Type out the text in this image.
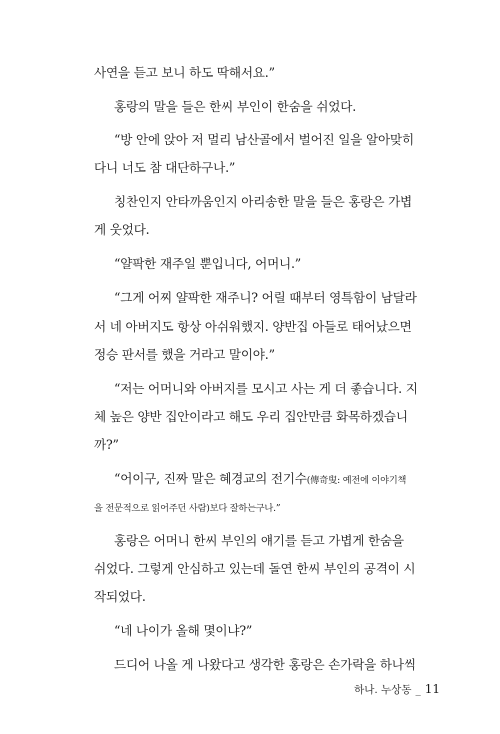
사연을 듣고 보니 하도 딱해서요.”
홍랑의 말을 들은 한씨 부인이 한숨을 쉬었다.
“방 안에 앉아 저 멀리 남산골에서 벌어진 일을 알아맞히
다니 너도 참 대단하구나.”
칭찬인지 안타까움인지 아리송한 말을 들은 홍랑은 가볍
게 웃었다.
“얄팍한 재주일 뿐입니다, 어머니.”
“그게 어찌 얄팍한 재주니? 어릴 때부터 영특함이 남달라
서 네 아버지도 항상 아쉬워했지. 양반집 아들로 태어났으면
정승 판서를 했을 거라고 말이야.”
“저는 어머니와 아버지를 모시고 사는 게 더 좋습니다. 지
체 높은 양반 집안이라고 해도 우리 집안만큼 화목하겠습니
까?”
“어이구, 진짜 말은 혜경교의 전기수(傳奇叟: 예전에 이야기책
을 전문적으로 읽어주던 사람)보다 잘하는구나.”
홍랑은 어머니 한씨 부인의 얘기를 듣고 가볍게 한숨을
쉬었다. 그렇게 안심하고 있는데 돌연 한씨 부인의 공격이 시
작되었다.
“네 나이가 올해 몇이냐?”
드디어 나올 게 나왔다고 생각한 홍랑은 손가락을 하나씩
하나. 누상동 _ 11
